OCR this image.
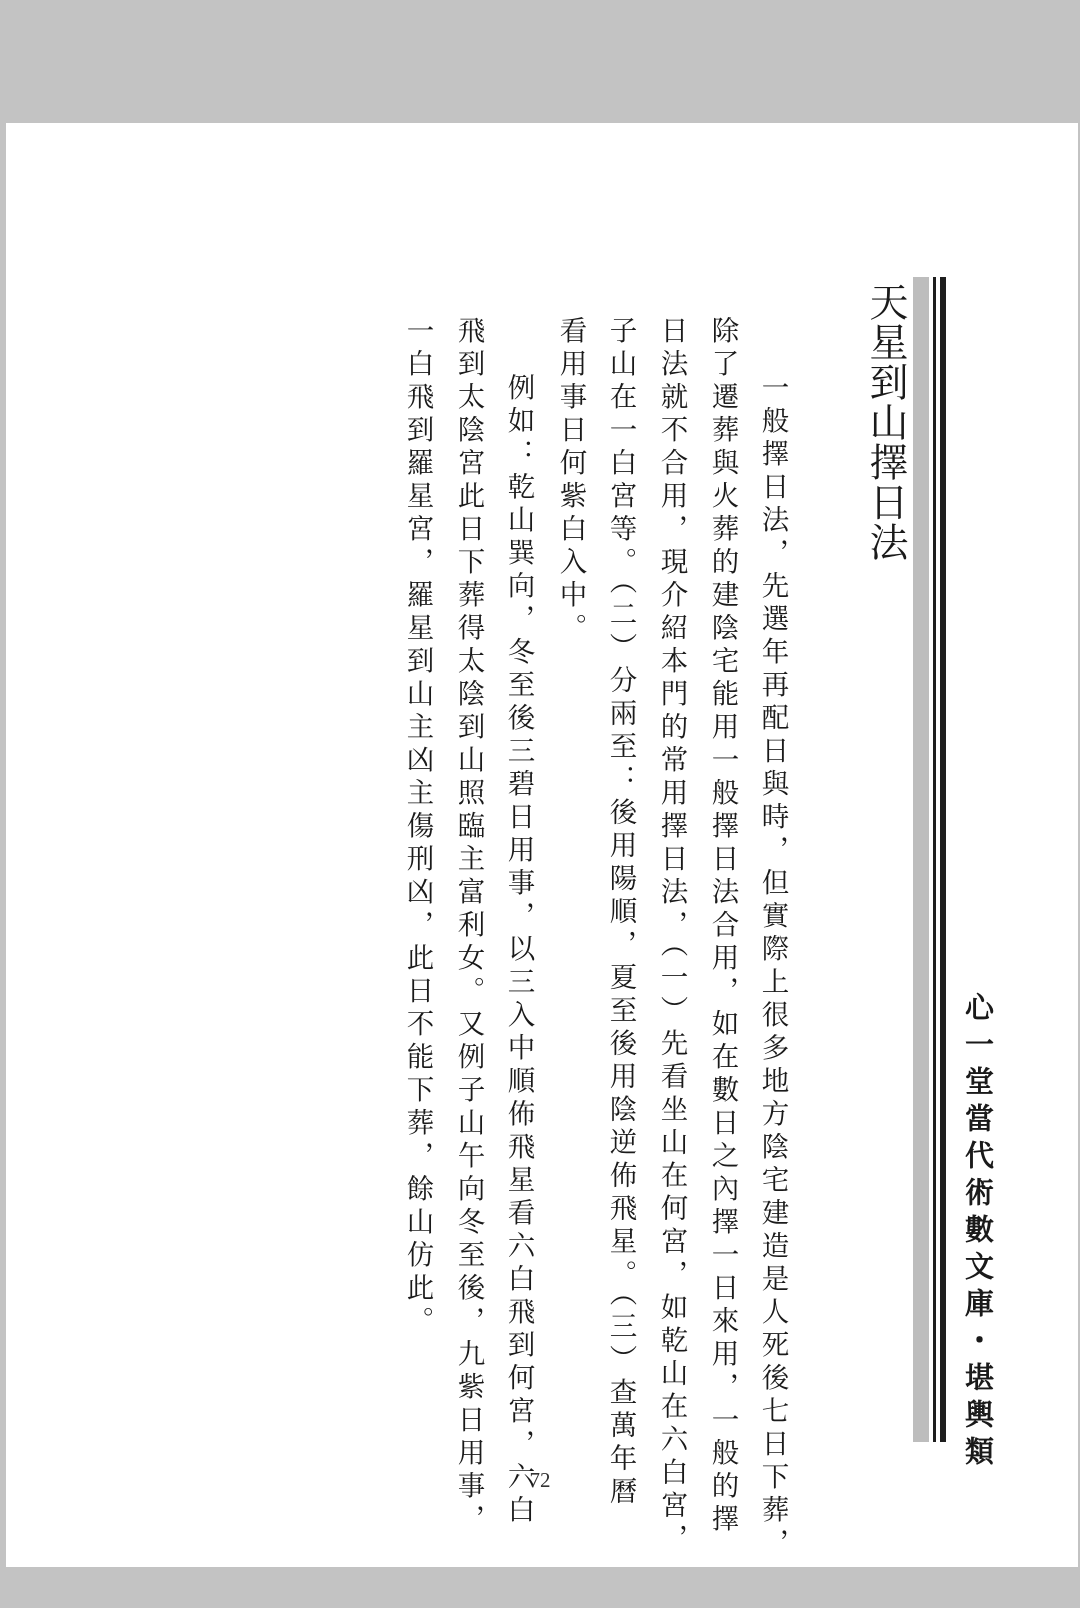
心一堂當代術數文庫・堪輿類
天星到山擇日法
一般擇日法，先選年再配日與時，但實際上很多地方陰宅建造是人死後七日下葬，
除了遷葬與火葬的建陰宅能用一般擇日法合用，如在數日之內擇一日來用，一般的擇
日法就不合用，現介紹本門的常用擇日法，（一）先看坐山在何宮，如乾山在六白宮，
子山在一白宮等。（二）分兩至：後用陽順，夏至後用陰逆佈飛星。（三）查萬年曆
看用事日何紫白入中。
例如：乾山巽向，冬至後三碧日用事，以三入中順佈飛星看六白飛到何宮，六白
飛到太陰宮此日下葬得太陰到山照臨主富利女。又例子山午向冬至後，九紫日用事，
一白飛到羅星宮，羅星到山主凶主傷刑凶，此日不能下葬，餘山仿此。
72
